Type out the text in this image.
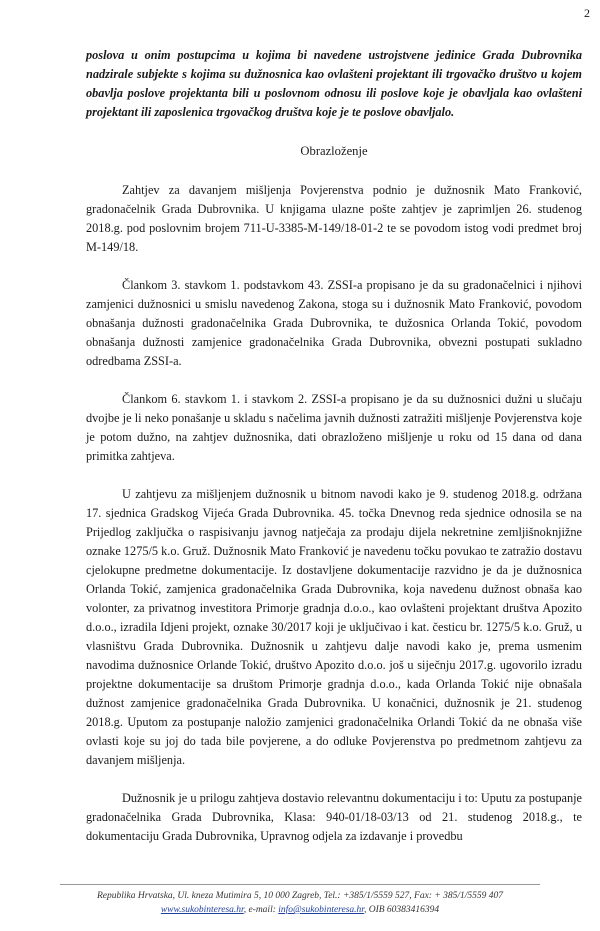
2

poslova u onim postupcima u kojima bi navedene ustrojstvene jedinice Grada Dubrovnika nadzirale subjekte s kojima su dužnosnica kao ovlašteni projektant ili trgovačko društvo u kojem obavlja poslove projektanta bili u poslovnom odnosu ili poslove koje je obavljala kao ovlašteni projektant ili zaposlenica trgovačkog društva koje je te poslove obavljalo.

Obrazloženje

Zahtjev za davanjem mišljenja Povjerenstva podnio je dužnosnik Mato Franković, gradonačelnik Grada Dubrovnika. U knjigama ulazne pošte zahtjev je zaprimljen 26. studenog 2018.g. pod poslovnim brojem 711-U-3385-M-149/18-01-2 te se povodom istog vodi predmet broj M-149/18.

Člankom 3. stavkom 1. podstavkom 43. ZSSI-a propisano je da su gradonačelnici i njihovi zamjenici dužnosnici u smislu navedenog Zakona, stoga su i dužnosnik Mato Franković, povodom obnašanja dužnosti gradonačelnika Grada Dubrovnika, te dužosnica Orlanda Tokić, povodom obnašanja dužnosti zamjenice gradonačelnika Grada Dubrovnika, obvezni postupati sukladno odredbama ZSSI-a.

Člankom 6. stavkom 1. i stavkom 2. ZSSI-a propisano je da su dužnosnici dužni u slučaju dvojbe je li neko ponašanje u skladu s načelima javnih dužnosti zatražiti mišljenje Povjerenstva koje je potom dužno, na zahtjev dužnosnika, dati obrazloženo mišljenje u roku od 15 dana od dana primitka zahtjeva.

U zahtjevu za mišljenjem dužnosnik u bitnom navodi kako je 9. studenog 2018.g. održana 17. sjednica Gradskog Vijeća Grada Dubrovnika. 45. točka Dnevnog reda sjednice odnosila se na Prijedlog zaključka o raspisivanju javnog natječaja za prodaju dijela nekretnine zemljišnoknjižne oznake 1275/5 k.o. Gruž. Dužnosnik Mato Franković je navedenu točku povukao te zatražio dostavu cjelokupne predmetne dokumentacije. Iz dostavljene dokumentacije razvidno je da je dužnosnica Orlanda Tokić, zamjenica gradonačelnika Grada Dubrovnika, koja navedenu dužnost obnaša kao volonter, za privatnog investitora Primorje gradnja d.o.o., kao ovlašteni projektant društva Apozito d.o.o., izradila Idjeni projekt, oznake 30/2017 koji je uključivao i kat. česticu br. 1275/5 k.o. Gruž, u vlasništvu Grada Dubrovnika. Dužnosnik u zahtjevu dalje navodi kako je, prema usmenim navodima dužnosnice Orlande Tokić, društvo Apozito d.o.o. još u siječnju 2017.g. ugovorilo izradu projektne dokumentacije sa društom Primorje gradnja d.o.o., kada Orlanda Tokić nije obnašala dužnost zamjenice gradonačelnika Grada Dubrovnika. U konačnici, dužnosnik je 21. studenog 2018.g. Uputom za postupanje naložio zamjenici gradonačelnika Orlandi Tokić da ne obnaša više ovlasti koje su joj do tada bile povjerene, a do odluke Povjerenstva po predmetnom zahtjevu za davanjem mišljenja.

Dužnosnik je u prilogu zahtjeva dostavio relevantnu dokumentaciju i to: Uputu za postupanje gradonačelnika Grada Dubrovnika, Klasa: 940-01/18-03/13 od 21. studenog 2018.g., te dokumentaciju Grada Dubrovnika, Upravnog odjela za izdavanje i provedbu

Republika Hrvatska, Ul. kneza Mutimira 5, 10 000 Zagreb, Tel.: +385/1/5559 527, Fax: + 385/1/5559 407
www.sukobinteresa.hr, e-mail: info@sukobinteresa.hr, OIB 60383416394
